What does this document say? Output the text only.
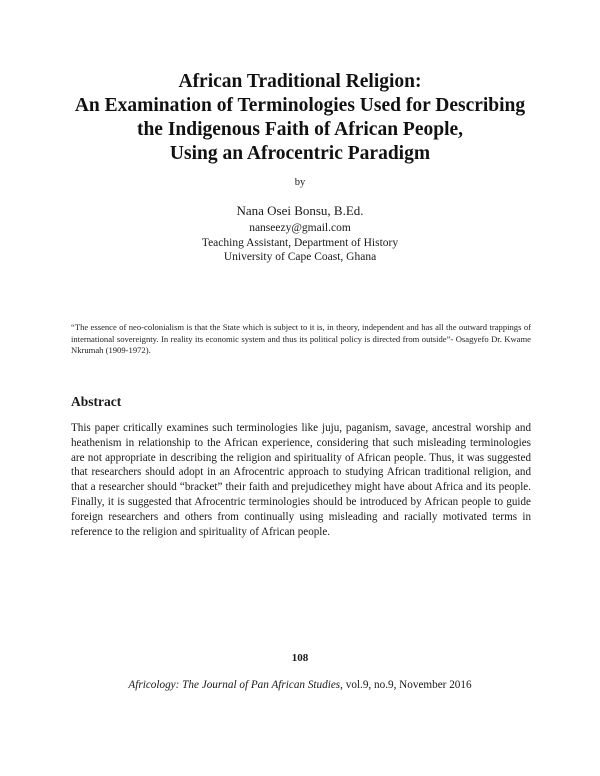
African Traditional Religion:
An Examination of Terminologies Used for Describing
the Indigenous Faith of African People,
Using an Afrocentric Paradigm
by
Nana Osei Bonsu, B.Ed.
nanseezy@gmail.com
Teaching Assistant, Department of History
University of Cape Coast, Ghana
“The essence of neo-colonialism is that the State which is subject to it is, in theory, independent and has all the outward trappings of international sovereignty. In reality its economic system and thus its political policy is directed from outside”- Osagyefo Dr. Kwame Nkrumah (1909-1972).
Abstract
This paper critically examines such terminologies like juju, paganism, savage, ancestral worship and heathenism in relationship to the African experience, considering that such misleading terminologies are not appropriate in describing the religion and spirituality of African people. Thus, it was suggested that researchers should adopt in an Afrocentric approach to studying African traditional religion, and that a researcher should “bracket” their faith and prejudicethey might have about Africa and its people. Finally, it is suggested that Afrocentric terminologies should be introduced by African people to guide foreign researchers and others from continually using misleading and racially motivated terms in reference to the religion and spirituality of African people.
108
Africology: The Journal of Pan African Studies, vol.9, no.9, November 2016
